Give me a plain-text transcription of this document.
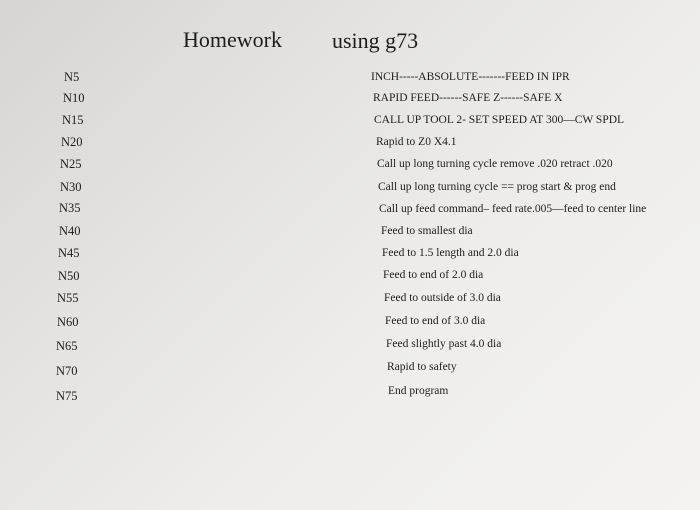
Homework using g73
N5
N10
N15
N20
N25
N30
N35
N40
N45
N50
N55
N60
N65
N70
N75
INCH-----ABSOLUTE-------FEED IN IPR
RAPID FEED------SAFE Z------SAFE X
CALL UP TOOL 2- SET SPEED AT 300—CW SPDL
Rapid to Z0 X4.1
Call up long turning cycle remove .020 retract .020
Call up long turning cycle == prog start & prog end
Call up feed command– feed rate.005—feed to center line
Feed to smallest dia
Feed to 1.5 length and 2.0 dia
Feed to end of 2.0 dia
Feed to outside of 3.0 dia
Feed to end of 3.0 dia
Feed slightly past 4.0 dia
Rapid to safety
End program
